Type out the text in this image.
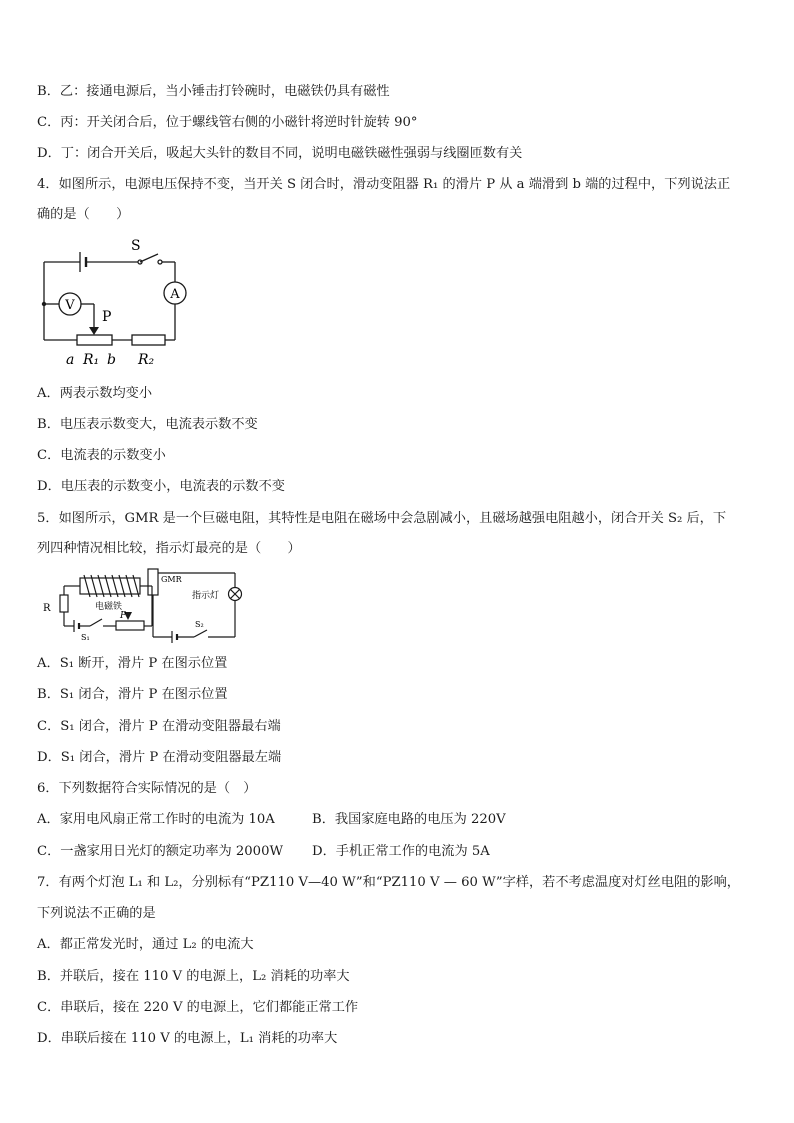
B．乙：接通电源后，当小锤击打铃碗时，电磁铁仍具有磁性
C．丙：开关闭合后，位于螺线管右侧的小磁针将逆时针旋转 90°
D．丁：闭合开关后，吸起大头针的数目不同，说明电磁铁磁性强弱与线圈匝数有关
4．如图所示，电源电压保持不变，当开关 S 闭合时，滑动变阻器 R₁ 的滑片 P 从 a 端滑到 b 端的过程中，下列说法正
确的是（　　）
S
A
V
P
a R₁ b R₂
A．两表示数均变小
B．电压表示数变大，电流表示数不变
C．电流表的示数变小
D．电压表的示数变小，电流表的示数不变
5．如图所示，GMR 是一个巨磁电阻，其特性是电阻在磁场中会急剧减小，且磁场越强电阻越小，闭合开关 S₂ 后，下
列四种情况相比较，指示灯最亮的是（　　）
电磁铁
R
S₁
P
GMR
指示灯
S₂
A．S₁ 断开，滑片 P 在图示位置
B．S₁ 闭合，滑片 P 在图示位置
C．S₁ 闭合，滑片 P 在滑动变阻器最右端
D．S₁ 闭合，滑片 P 在滑动变阻器最左端
6．下列数据符合实际情况的是（　）
A．家用电风扇正常工作时的电流为 10A	B．我国家庭电路的电压为 220V
C．一盏家用日光灯的额定功率为 2000W D．手机正常工作的电流为 5A
7．有两个灯泡 L₁ 和 L₂，分别标有“PZ110 V—40 W”和“PZ110 V — 60 W”字样，若不考虑温度对灯丝电阻的影响，
下列说法不正确的是
A．都正常发光时，通过 L₂ 的电流大
B．并联后，接在 110 V 的电源上，L₂ 消耗的功率大
C．串联后，接在 220 V 的电源上，它们都能正常工作
D．串联后接在 110 V 的电源上，L₁ 消耗的功率大
